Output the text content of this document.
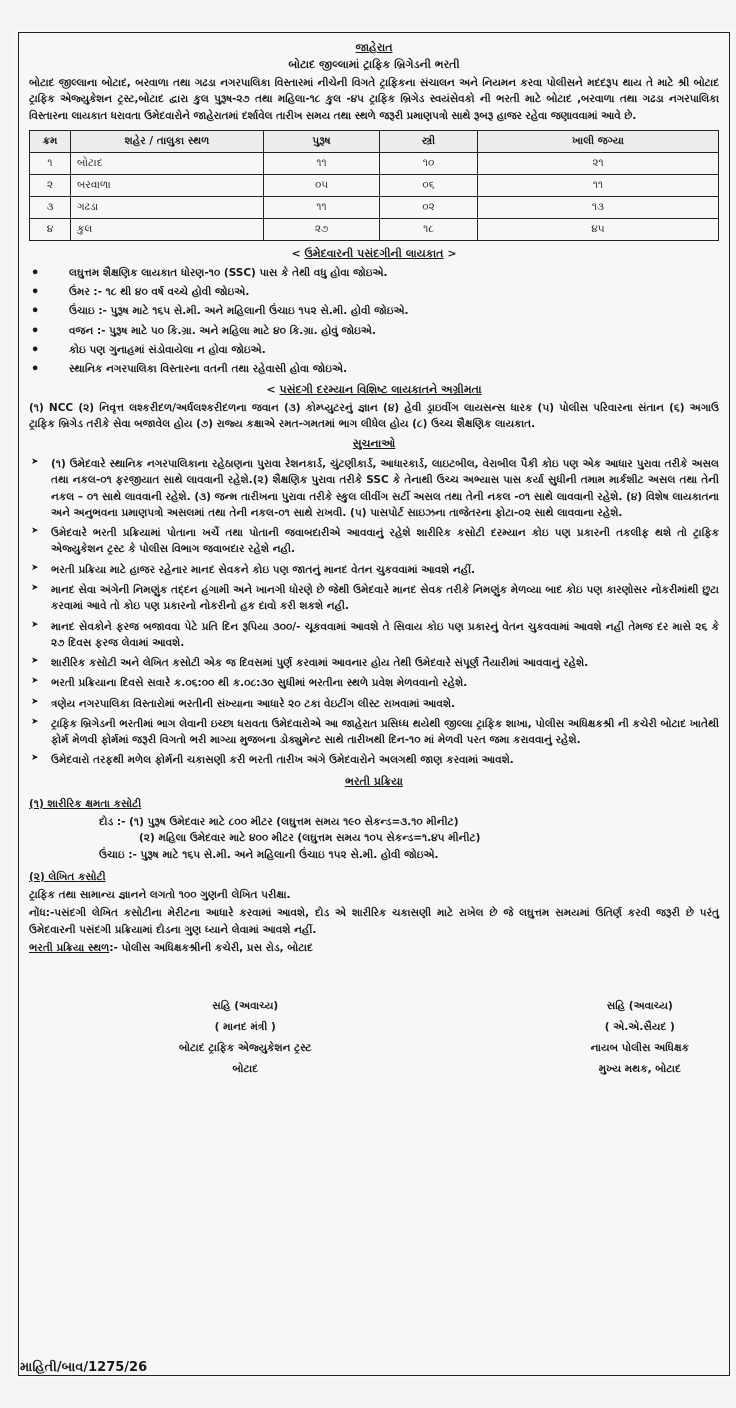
જાહેરાત
બોટાદ જીલ્લામાં ટ્રાફિક બ્રિગેડની ભરતી
બોટાદ જીલ્લાના બોટાદ, બરવાળા તથા ગઢડા નગરપાલિકા વિસ્તારમાં નીચેની વિગતે ટ્રાફિકના સંચાલન અને નિયમન કરવા પોલીસને મદદરૂપ થાય તે માટે શ્રી બોટાદ ટ્રાફિક એજ્યુકેશન ટ્રસ્ટ,બોટાદ દ્વારા કુલ પુરૂષ-૨૭ તથા મહિલા-૧૮ કુલ -૪૫ ટ્રાફિક બ્રિગેડ સ્વયંસેવકો ની ભરતી માટે બોટાદ ,બરવાળા તથા ગઢડા નગરપાલિકા વિસ્તારના લાયકાત ધરાવતા ઉમેદવારોને જાહેરાતમાં દર્શાવેલ તારીખ સમય તથા સ્થળે જરૂરી પ્રમાણપત્રો સાથે રૂબરૂ હાજર રહેવા જણાવવામાં આવે છે.
ક્રમ	શહેર / તાલુકા સ્થળ	પુરૂષ	સ્ત્રી	ખાલી જગ્યા
૧	બોટાદ	૧૧	૧૦	૨૧
૨	બરવાળા	૦૫	૦૬	૧૧
૩	ગઢડા	૧૧	૦૨	૧૩
૪	કુલ	૨૭	૧૮	૪૫
< ઉમેદવારની પસંદગીની લાયકાત >
• લઘુત્તમ શૈક્ષણિક લાયકાત ધોરણ-૧૦ (SSC) પાસ કે તેથી વધુ હોવા જોઇએ.
• ઉંમર :- ૧૮ થી ૪૦ વર્ષ વચ્ચે હોવી જોઇએ.
• ઉંચાઇ :- પુરૂષ માટે ૧૬૫ સે.મી. અને મહિલાની ઉંચાઇ ૧૫૨ સે.મી. હોવી જોઇએ.
• વજન :- પુરૂષ માટે ૫૦ કિ.ગ્રા. અને મહિલા માટે ૪૦ કિ.ગ્રા. હોવું જોઇએ.
• કોઇ પણ ગુનાહમાં સંડોવાયેલા ન હોવા જોઇએ.
• સ્થાનિક નગરપાલિકા વિસ્તારના વતની તથા રહેવાસી હોવા જોઇએ.
< પસંદગી દરમ્યાન વિશિષ્ટ લાયકાતને અગ્રીમતા
(૧) NCC (૨) નિવૃત્ત લશ્કરીદળ/અર્ધલશ્કરીદળના જવાન (૩) કોમ્પ્યુટરનું જ્ઞાન (૪) હેવી ડ્રાઇવીંગ લાયસન્સ ધારક (૫) પોલીસ પરિવારના સંતાન (૬) અગાઉ ટ્રાફિક બ્રિગેડ તરીકે સેવા બજાવેલ હોય (૭) રાજ્ય કક્ષાએ રમત-ગમતમાં ભાગ લીધેલ હોય (૮) ઉચ્ચ શૈક્ષણિક લાયકાત.
સુચનાઓ
➤ (૧) ઉમેદવારે સ્થાનિક નગરપાલિકાના રહેઠાણના પુરાવા રેશનકાર્ડ, ચુંટણીકાર્ડ, આધારકાર્ડ, લાઇટબીલ, વેરાબીલ પૈકી કોઇ પણ એક આધાર પુરાવા તરીકે અસલ તથા નકલ-૦૧ ફરજીયાત સાથે લાવવાની રહેશે.(૨) શૈક્ષણિક પુરાવા તરીકે SSC કે તેનાથી ઉચ્ચ અભ્યાસ પાસ કર્યા સુધીની તમામ માર્કશીટ અસલ તથા તેની નકલ – ૦૧ સાથે લાવવાની રહેશે. (૩) જન્મ તારીખના પુરાવા તરીકે સ્કુલ લીવીંગ સર્ટી અસલ તથા તેની નકલ -૦૧ સાથે લાવવાની રહેશે. (૪) વિશેષ લાયકાતના અને અનુભવના પ્રમાણપત્રો અસલમાં તથા તેની નકલ-૦૧ સાથે રાખવી. (૫) પાસપોર્ટ સાઇઝના તાજેતરના ફોટા-૦૨ સાથે લાવવાના રહેશે.
➤ ઉમેદવારે ભરતી પ્રક્રિયામાં પોતાના ખર્ચે તથા પોતાની જવાબદારીએ આવવાનું રહેશે શારીરિક કસોટી દરમ્યાન કોઇ પણ પ્રકારની તકલીફ થશે તો ટ્રાફિક એજ્યુકેશન ટ્રસ્ટ કે પોલીસ વિભાગ જવાબદાર રહેશે નહી.
➤ ભરતી પ્રક્રિયા માટે હાજર રહેનાર માનદ સેવકને કોઇ પણ જાતનું માનદ વેતન ચુકવવામાં આવશે નહીં.
➤ માનદ સેવા અંગેની નિમણુંક તદ્દન હંગામી અને ખાનગી ધોરણે છે જેથી ઉમેદવારે માનદ સેવક તરીકે નિમણુંક મેળવ્યા બાદ કોઇ પણ કારણોસર નોકરીમાંથી છુટા કરવામાં આવે તો કોઇ પણ પ્રકારનો નોકરીનો હક દાવો કરી શકશે નહી.
➤ માનદ સેવકોને ફરજ બજાવવા પેટે પ્રતિ દિન રૂપિયા ૩૦૦/- ચૂકવવામાં આવશે તે સિવાય કોઇ પણ પ્રકારનું વેતન ચુકવવામાં આવશે નહી તેમજ દર માસે ૨૬ કે ૨૭ દિવસ ફરજ લેવામાં આવશે.
➤ શારીરિક કસોટી અને લેખિત કસોટી એક જ દિવસમાં પુર્ણ કરવામાં આવનાર હોય તેથી ઉમેદવારે સંપૂર્ણ તૈયારીમાં આવવાનું રહેશે.
➤ ભરતી પ્રક્રિયાના દિવસે સવારે ક.૦૬:૦૦ થી ક.૦૮:૩૦ સુધીમાં ભરતીના સ્થળે પ્રવેશ મેળવવાનો રહેશે.
➤ ત્રણેય નગરપાલિકા વિસ્તારોમાં ભરતીની સંખ્યાના આધારે ૨૦ ટકા વેઇટીંગ લીસ્ટ રાખવામાં આવશે.
➤ ટ્રાફિક બ્રિગેડની ભરતીમાં ભાગ લેવાની ઇચ્છા ધરાવતા ઉમેદવારોએ આ જાહેરાત પ્રસિધ્ધ થયેથી જીલ્લા ટ્રાફિક શાખા, પોલીસ અધિક્ષકશ્રી ની કચેરી બોટાદ ખાતેથી ફોર્મ મેળવી ફોર્મમાં જરૂરી વિગતો ભરી માગ્યા મુજબના ડોક્યુમેન્ટ સાથે તારીખથી દિન-૧૦ માં મેળવી પરત જમા કરાવવાનું રહેશે.
➤ ઉમેદવારો તરફથી મળેલ ફોર્મની ચકાસણી કરી ભરતી તારીખ અંગે ઉમેદવારોને અલગથી જાણ કરવામાં આવશે.
ભરતી પ્રક્રિયા
(૧) શારીરિક ક્ષમતા કસોટી
દોડ :- (૧) પુરૂષ ઉમેદવાર માટે ૮૦૦ મીટર (લઘુત્તમ સમય ૧૯૦ સેકન્ડ=૩.૧૦ મીનીટ)
(૨) મહિલા ઉમેદવાર માટે ૪૦૦ મીટર (લઘુત્તમ સમય ૧૦૫ સેકન્ડ=૧.૪૫ મીનીટ)
ઉંચાઇ :- પુરૂષ માટે ૧૬૫ સે.મી. અને મહિલાની ઉંચાઇ ૧૫૨ સે.મી. હોવી જોઇએ.
(૨) લેખિત કસોટી
ટ્રાફિક તથા સામાન્ય જ્ઞાનને લગતો ૧૦૦ ગુણની લેખિત પરીક્ષા.
નોંધ:-પસંદગી લેખિત કસોટીના મેરીટના આધારે કરવામાં આવશે, દોડ એ શારીરિક ચકાસણી માટે રાખેલ છે જે લઘુત્તમ સમયમાં ઉતિર્ણ કરવી જરૂરી છે પરંતુ ઉમેદવારની પસંદગી પ્રક્રિયામાં દોડના ગુણ ધ્યાને લેવામાં આવશે નહીં.
ભરતી પ્રક્રિયા સ્થળ:- પોલીસ અધિક્ષકશ્રીની કચેરી, પ્રસ રોડ, બોટાદ
સહિ (અવાચ્ય)
( માનદ મંત્રી )
બોટાદ ટ્રાફિક એજ્યુકેશન ટ્રસ્ટ
બોટાદ
સહિ (અવાચ્ય)
( એ.એ.સૈયદ )
નાયબ પોલીસ અધિક્ષક
મુખ્ય મથક, બોટાદ
માહિતી/બાવ/1275/26
